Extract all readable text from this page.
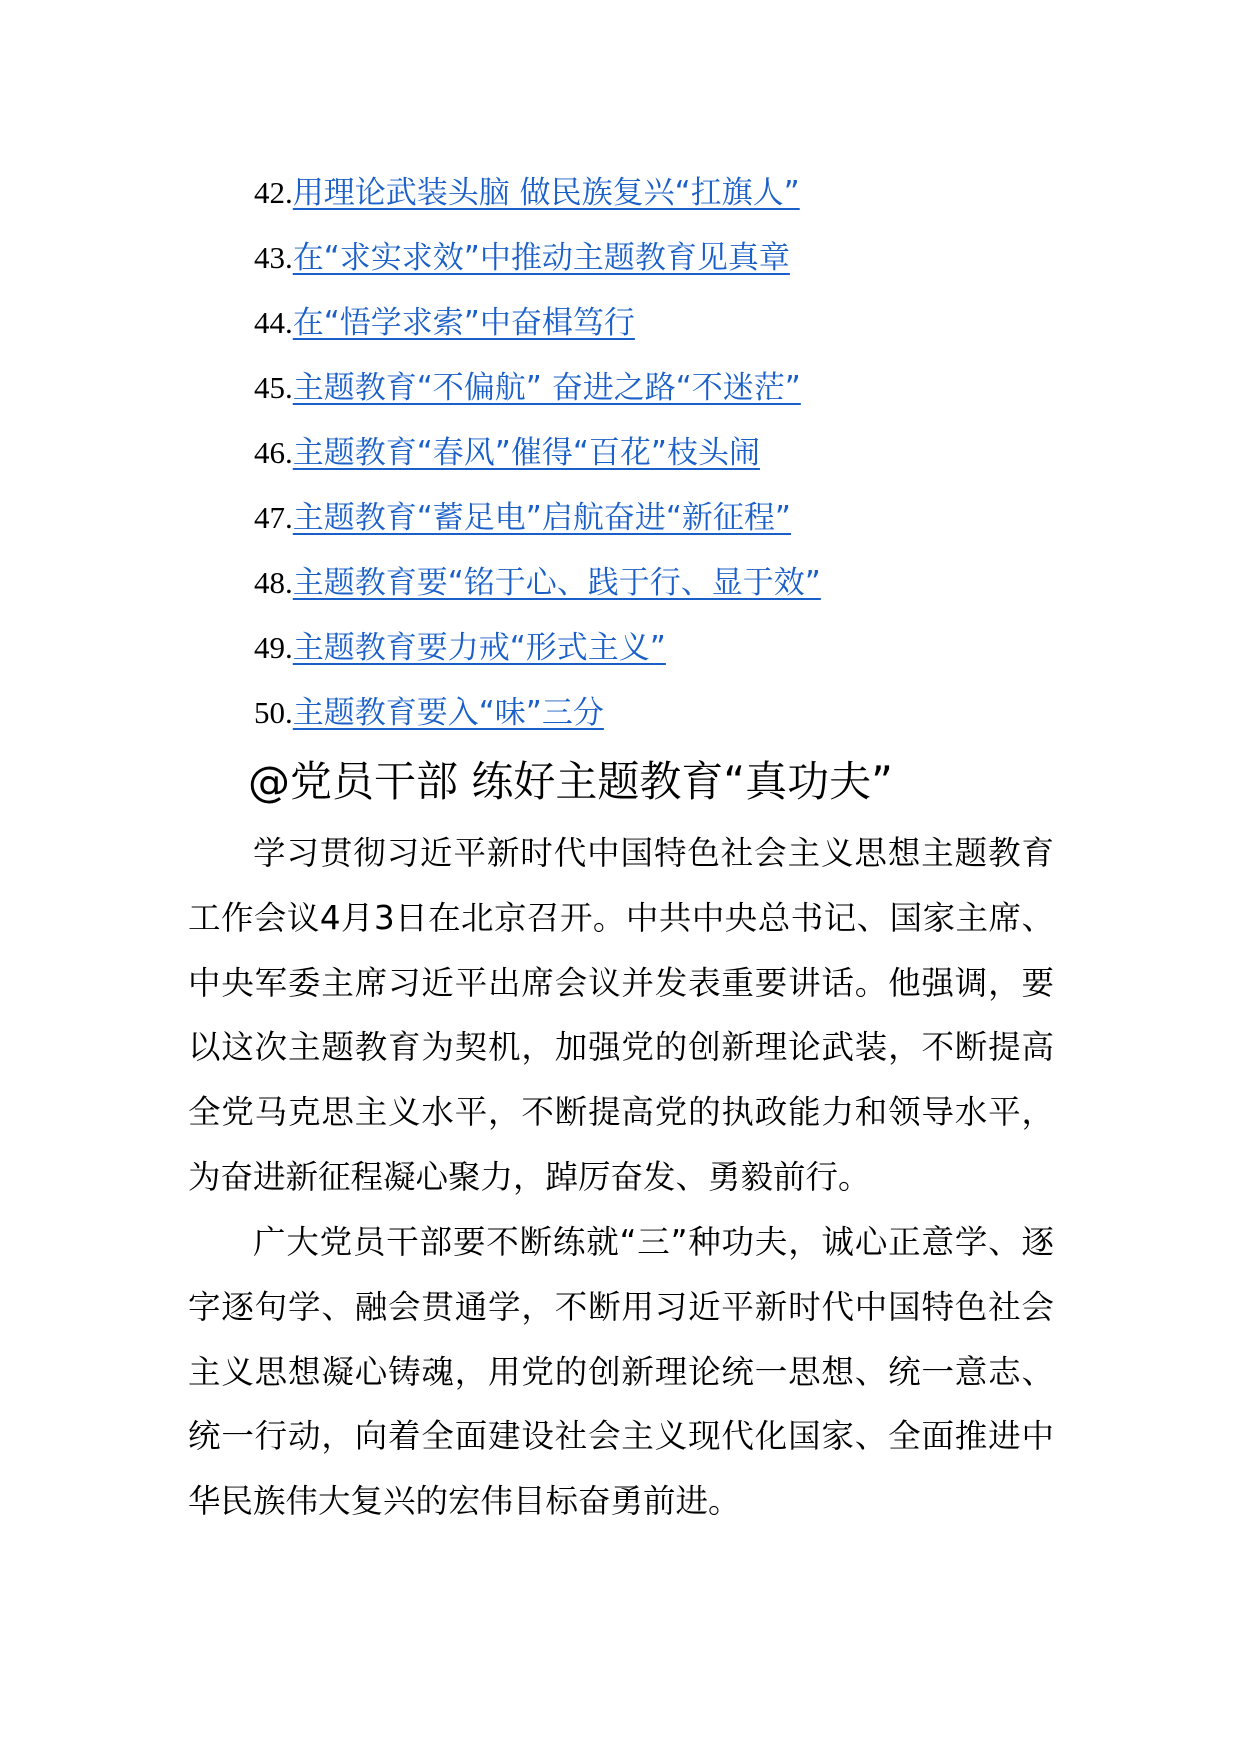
42.用理论武装头脑 做民族复兴“扛旗人”
43.在“求实求效”中推动主题教育见真章
44.在“悟学求索”中奋楫笃行
45.主题教育“不偏航” 奋进之路“不迷茫”
46.主题教育“春风”催得“百花”枝头闹
47.主题教育“蓄足电”启航奋进“新征程”
48.主题教育要“铭于心、践于行、显于效”
49.主题教育要力戒“形式主义”
50.主题教育要入“味”三分
@党员干部 练好主题教育“真功夫”

学习贯彻习近平新时代中国特色社会主义思想主题教育工作会议4月3日在北京召开。中共中央总书记、国家主席、中央军委主席习近平出席会议并发表重要讲话。他强调，要以这次主题教育为契机，加强党的创新理论武装，不断提高全党马克思主义水平，不断提高党的执政能力和领导水平，为奋进新征程凝心聚力，踔厉奋发、勇毅前行。

广大党员干部要不断练就“三”种功夫，诚心正意学、逐字逐句学、融会贯通学，不断用习近平新时代中国特色社会主义思想凝心铸魂，用党的创新理论统一思想、统一意志、统一行动，向着全面建设社会主义现代化国家、全面推进中华民族伟大复兴的宏伟目标奋勇前进。
